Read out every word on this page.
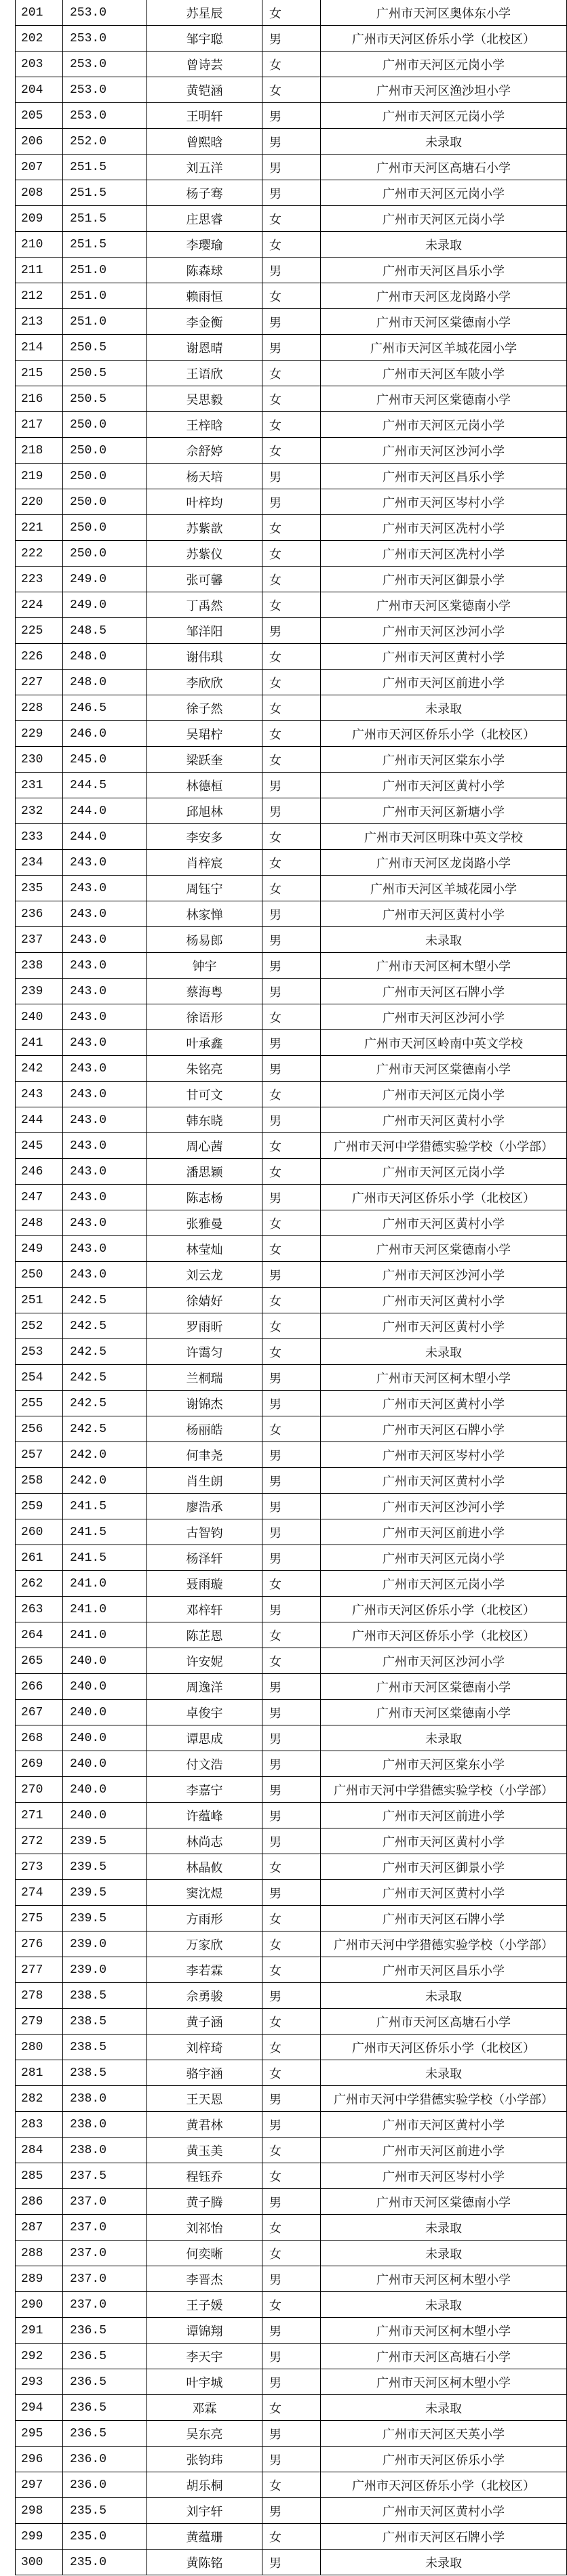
201	253.0	苏星辰	女	广州市天河区奥体东小学
202	253.0	邹宇聪	男	广州市天河区侨乐小学（北校区）
203	253.0	曾诗芸	女	广州市天河区元岗小学
204	253.0	黄铠涵	女	广州市天河区渔沙坦小学
205	253.0	王明轩	男	广州市天河区元岗小学
206	252.0	曾熙晗	男	未录取
207	251.5	刘五洋	男	广州市天河区高塘石小学
208	251.5	杨子骞	男	广州市天河区元岗小学
209	251.5	庄思睿	女	广州市天河区元岗小学
210	251.5	李璎瑜	女	未录取
211	251.0	陈森球	男	广州市天河区昌乐小学
212	251.0	赖雨恒	女	广州市天河区龙岗路小学
213	251.0	李金衡	男	广州市天河区棠德南小学
214	250.5	谢恩晴	男	广州市天河区羊城花园小学
215	250.5	王语欣	女	广州市天河区车陂小学
216	250.5	吴思毅	女	广州市天河区棠德南小学
217	250.0	王梓晗	女	广州市天河区元岗小学
218	250.0	佘舒婷	女	广州市天河区沙河小学
219	250.0	杨天培	男	广州市天河区昌乐小学
220	250.0	叶梓均	男	广州市天河区岑村小学
221	250.0	苏紫歆	女	广州市天河区冼村小学
222	250.0	苏紫仪	女	广州市天河区冼村小学
223	249.0	张可馨	女	广州市天河区御景小学
224	249.0	丁禹然	女	广州市天河区棠德南小学
225	248.5	邹洋阳	男	广州市天河区沙河小学
226	248.0	谢伟琪	女	广州市天河区黄村小学
227	248.0	李欣欣	女	广州市天河区前进小学
228	246.5	徐子然	女	未录取
229	246.0	吴珺柠	女	广州市天河区侨乐小学（北校区）
230	245.0	梁跃奎	女	广州市天河区棠东小学
231	244.5	林德桓	男	广州市天河区黄村小学
232	244.0	邱旭林	男	广州市天河区新塘小学
233	244.0	李安多	女	广州市天河区明珠中英文学校
234	243.0	肖梓宸	女	广州市天河区龙岗路小学
235	243.0	周钰宁	女	广州市天河区羊城花园小学
236	243.0	林家惮	男	广州市天河区黄村小学
237	243.0	杨易郎	男	未录取
238	243.0	钟宇	男	广州市天河区柯木塱小学
239	243.0	蔡海粤	男	广州市天河区石牌小学
240	243.0	徐语形	女	广州市天河区沙河小学
241	243.0	叶承鑫	男	广州市天河区岭南中英文学校
242	243.0	朱铭亮	男	广州市天河区棠德南小学
243	243.0	甘可文	女	广州市天河区元岗小学
244	243.0	韩东晓	男	广州市天河区黄村小学
245	243.0	周心茜	女	广州市天河中学猎德实验学校（小学部）
246	243.0	潘思颖	女	广州市天河区元岗小学
247	243.0	陈志杨	男	广州市天河区侨乐小学（北校区）
248	243.0	张雅曼	女	广州市天河区黄村小学
249	243.0	林莹灿	女	广州市天河区棠德南小学
250	243.0	刘云龙	男	广州市天河区沙河小学
251	242.5	徐婧好	女	广州市天河区黄村小学
252	242.5	罗雨昕	女	广州市天河区黄村小学
253	242.5	许霭匀	女	未录取
254	242.5	兰桐瑞	男	广州市天河区柯木塱小学
255	242.5	谢锦杰	男	广州市天河区黄村小学
256	242.5	杨丽皓	女	广州市天河区石牌小学
257	242.0	何聿尧	男	广州市天河区岑村小学
258	242.0	肖生朗	男	广州市天河区黄村小学
259	241.5	廖浩承	男	广州市天河区沙河小学
260	241.5	古智钧	男	广州市天河区前进小学
261	241.5	杨泽轩	男	广州市天河区元岗小学
262	241.0	聂雨璇	女	广州市天河区元岗小学
263	241.0	邓梓轩	男	广州市天河区侨乐小学（北校区）
264	241.0	陈芷恩	女	广州市天河区侨乐小学（北校区）
265	240.0	许安妮	女	广州市天河区沙河小学
266	240.0	周逸洋	男	广州市天河区棠德南小学
267	240.0	卓俊宇	男	广州市天河区棠德南小学
268	240.0	谭思成	男	未录取
269	240.0	付文浩	男	广州市天河区棠东小学
270	240.0	李嘉宁	男	广州市天河中学猎德实验学校（小学部）
271	240.0	许蕴峰	男	广州市天河区前进小学
272	239.5	林尚志	男	广州市天河区黄村小学
273	239.5	林晶攸	女	广州市天河区御景小学
274	239.5	窦沈煜	男	广州市天河区黄村小学
275	239.5	方雨形	女	广州市天河区石牌小学
276	239.0	万家欣	女	广州市天河中学猎德实验学校（小学部）
277	239.0	李若霖	女	广州市天河区昌乐小学
278	238.5	佘勇骏	男	未录取
279	238.5	黄子涵	女	广州市天河区高塘石小学
280	238.5	刘梓琦	女	广州市天河区侨乐小学（北校区）
281	238.5	骆宇涵	女	未录取
282	238.0	王天恩	男	广州市天河中学猎德实验学校（小学部）
283	238.0	黄君林	男	广州市天河区黄村小学
284	238.0	黄玉美	女	广州市天河区前进小学
285	237.5	程钰乔	女	广州市天河区岑村小学
286	237.0	黄子腾	男	广州市天河区棠德南小学
287	237.0	刘祁怡	女	未录取
288	237.0	何奕晰	女	未录取
289	237.0	李晋杰	男	广州市天河区柯木塱小学
290	237.0	王子媛	女	未录取
291	236.5	谭锦翔	男	广州市天河区柯木塱小学
292	236.5	李天宇	男	广州市天河区高塘石小学
293	236.5	叶宇城	男	广州市天河区柯木塱小学
294	236.5	邓霖	女	未录取
295	236.5	吴东亮	男	广州市天河区天英小学
296	236.0	张钧玮	男	广州市天河区侨乐小学
297	236.0	胡乐桐	女	广州市天河区侨乐小学（北校区）
298	235.5	刘宇轩	男	广州市天河区黄村小学
299	235.0	黄蕴珊	女	广州市天河区石牌小学
300	235.0	黄陈铭	男	未录取
